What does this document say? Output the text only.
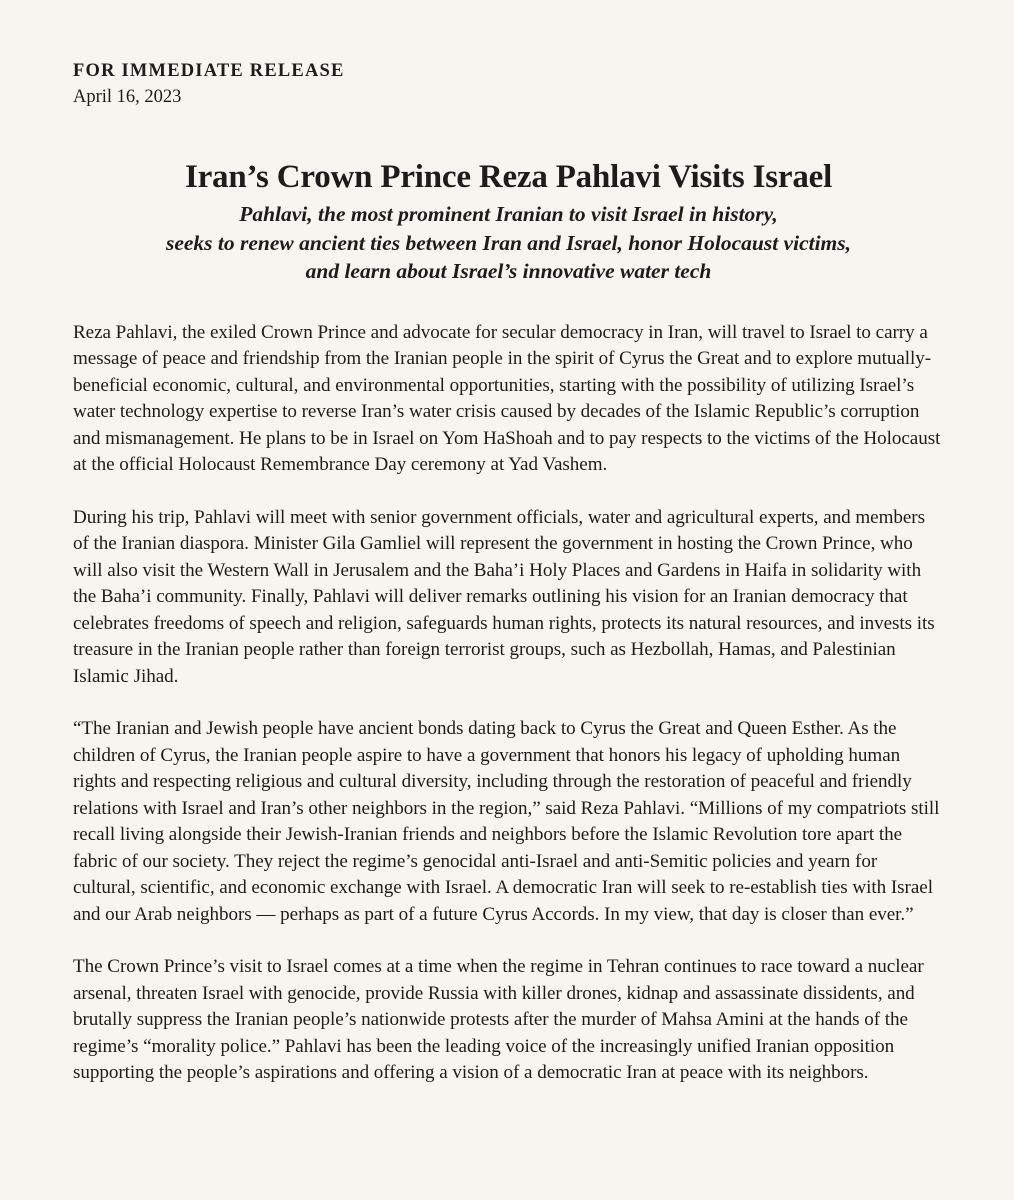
FOR IMMEDIATE RELEASE

April 16, 2023

Iran’s Crown Prince Reza Pahlavi Visits Israel
Pahlavi, the most prominent Iranian to visit Israel in history,
seeks to renew ancient ties between Iran and Israel, honor Holocaust victims,
and learn about Israel’s innovative water tech

Reza Pahlavi, the exiled Crown Prince and advocate for secular democracy in Iran, will travel to Israel to carry a message of peace and friendship from the Iranian people in the spirit of Cyrus the Great and to explore mutually-beneficial economic, cultural, and environmental opportunities, starting with the possibility of utilizing Israel’s water technology expertise to reverse Iran’s water crisis caused by decades of the Islamic Republic’s corruption and mismanagement. He plans to be in Israel on Yom HaShoah and to pay respects to the victims of the Holocaust at the official Holocaust Remembrance Day ceremony at Yad Vashem.

During his trip, Pahlavi will meet with senior government officials, water and agricultural experts, and members of the Iranian diaspora. Minister Gila Gamliel will represent the government in hosting the Crown Prince, who will also visit the Western Wall in Jerusalem and the Baha’i Holy Places and Gardens in Haifa in solidarity with the Baha’i community. Finally, Pahlavi will deliver remarks outlining his vision for an Iranian democracy that celebrates freedoms of speech and religion, safeguards human rights, protects its natural resources, and invests its treasure in the Iranian people rather than foreign terrorist groups, such as Hezbollah, Hamas, and Palestinian Islamic Jihad.

“The Iranian and Jewish people have ancient bonds dating back to Cyrus the Great and Queen Esther. As the children of Cyrus, the Iranian people aspire to have a government that honors his legacy of upholding human rights and respecting religious and cultural diversity, including through the restoration of peaceful and friendly relations with Israel and Iran’s other neighbors in the region,” said Reza Pahlavi. “Millions of my compatriots still recall living alongside their Jewish-Iranian friends and neighbors before the Islamic Revolution tore apart the fabric of our society. They reject the regime’s genocidal anti-Israel and anti-Semitic policies and yearn for cultural, scientific, and economic exchange with Israel. A democratic Iran will seek to re-establish ties with Israel and our Arab neighbors — perhaps as part of a future Cyrus Accords. In my view, that day is closer than ever.”

The Crown Prince’s visit to Israel comes at a time when the regime in Tehran continues to race toward a nuclear arsenal, threaten Israel with genocide, provide Russia with killer drones, kidnap and assassinate dissidents, and brutally suppress the Iranian people’s nationwide protests after the murder of Mahsa Amini at the hands of the regime’s “morality police.” Pahlavi has been the leading voice of the increasingly unified Iranian opposition supporting the people’s aspirations and offering a vision of a democratic Iran at peace with its neighbors.
